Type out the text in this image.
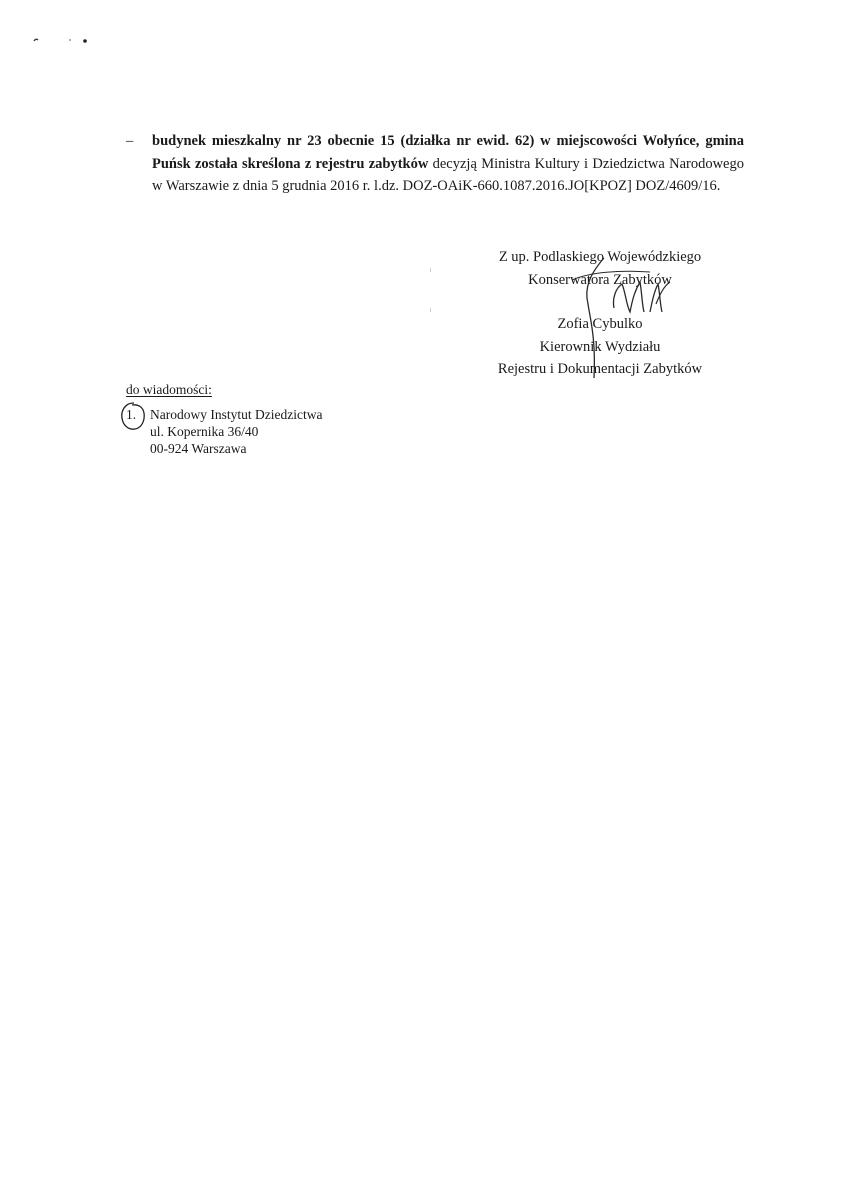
– budynek mieszkalny nr 23 obecnie 15 (działka nr ewid. 62) w miejscowości Wołyńce, gmina Puńsk została skreślona z rejestru zabytków decyzją Ministra Kultury i Dziedzictwa Narodowego w Warszawie z dnia 5 grudnia 2016 r. l.dz. DOZ-OAiK-660.1087.2016.JO[KPOZ] DOZ/4609/16.

Z up. Podlaskiego Wojewódzkiego
Konserwatora Zabytków
Zofia Cybulko
Kierownik Wydziału
Rejestru i Dokumentacji Zabytków
do wiadomości:
1. Narodowy Instytut Dziedzictwa
ul. Kopernika 36/40
00-924 Warszawa
